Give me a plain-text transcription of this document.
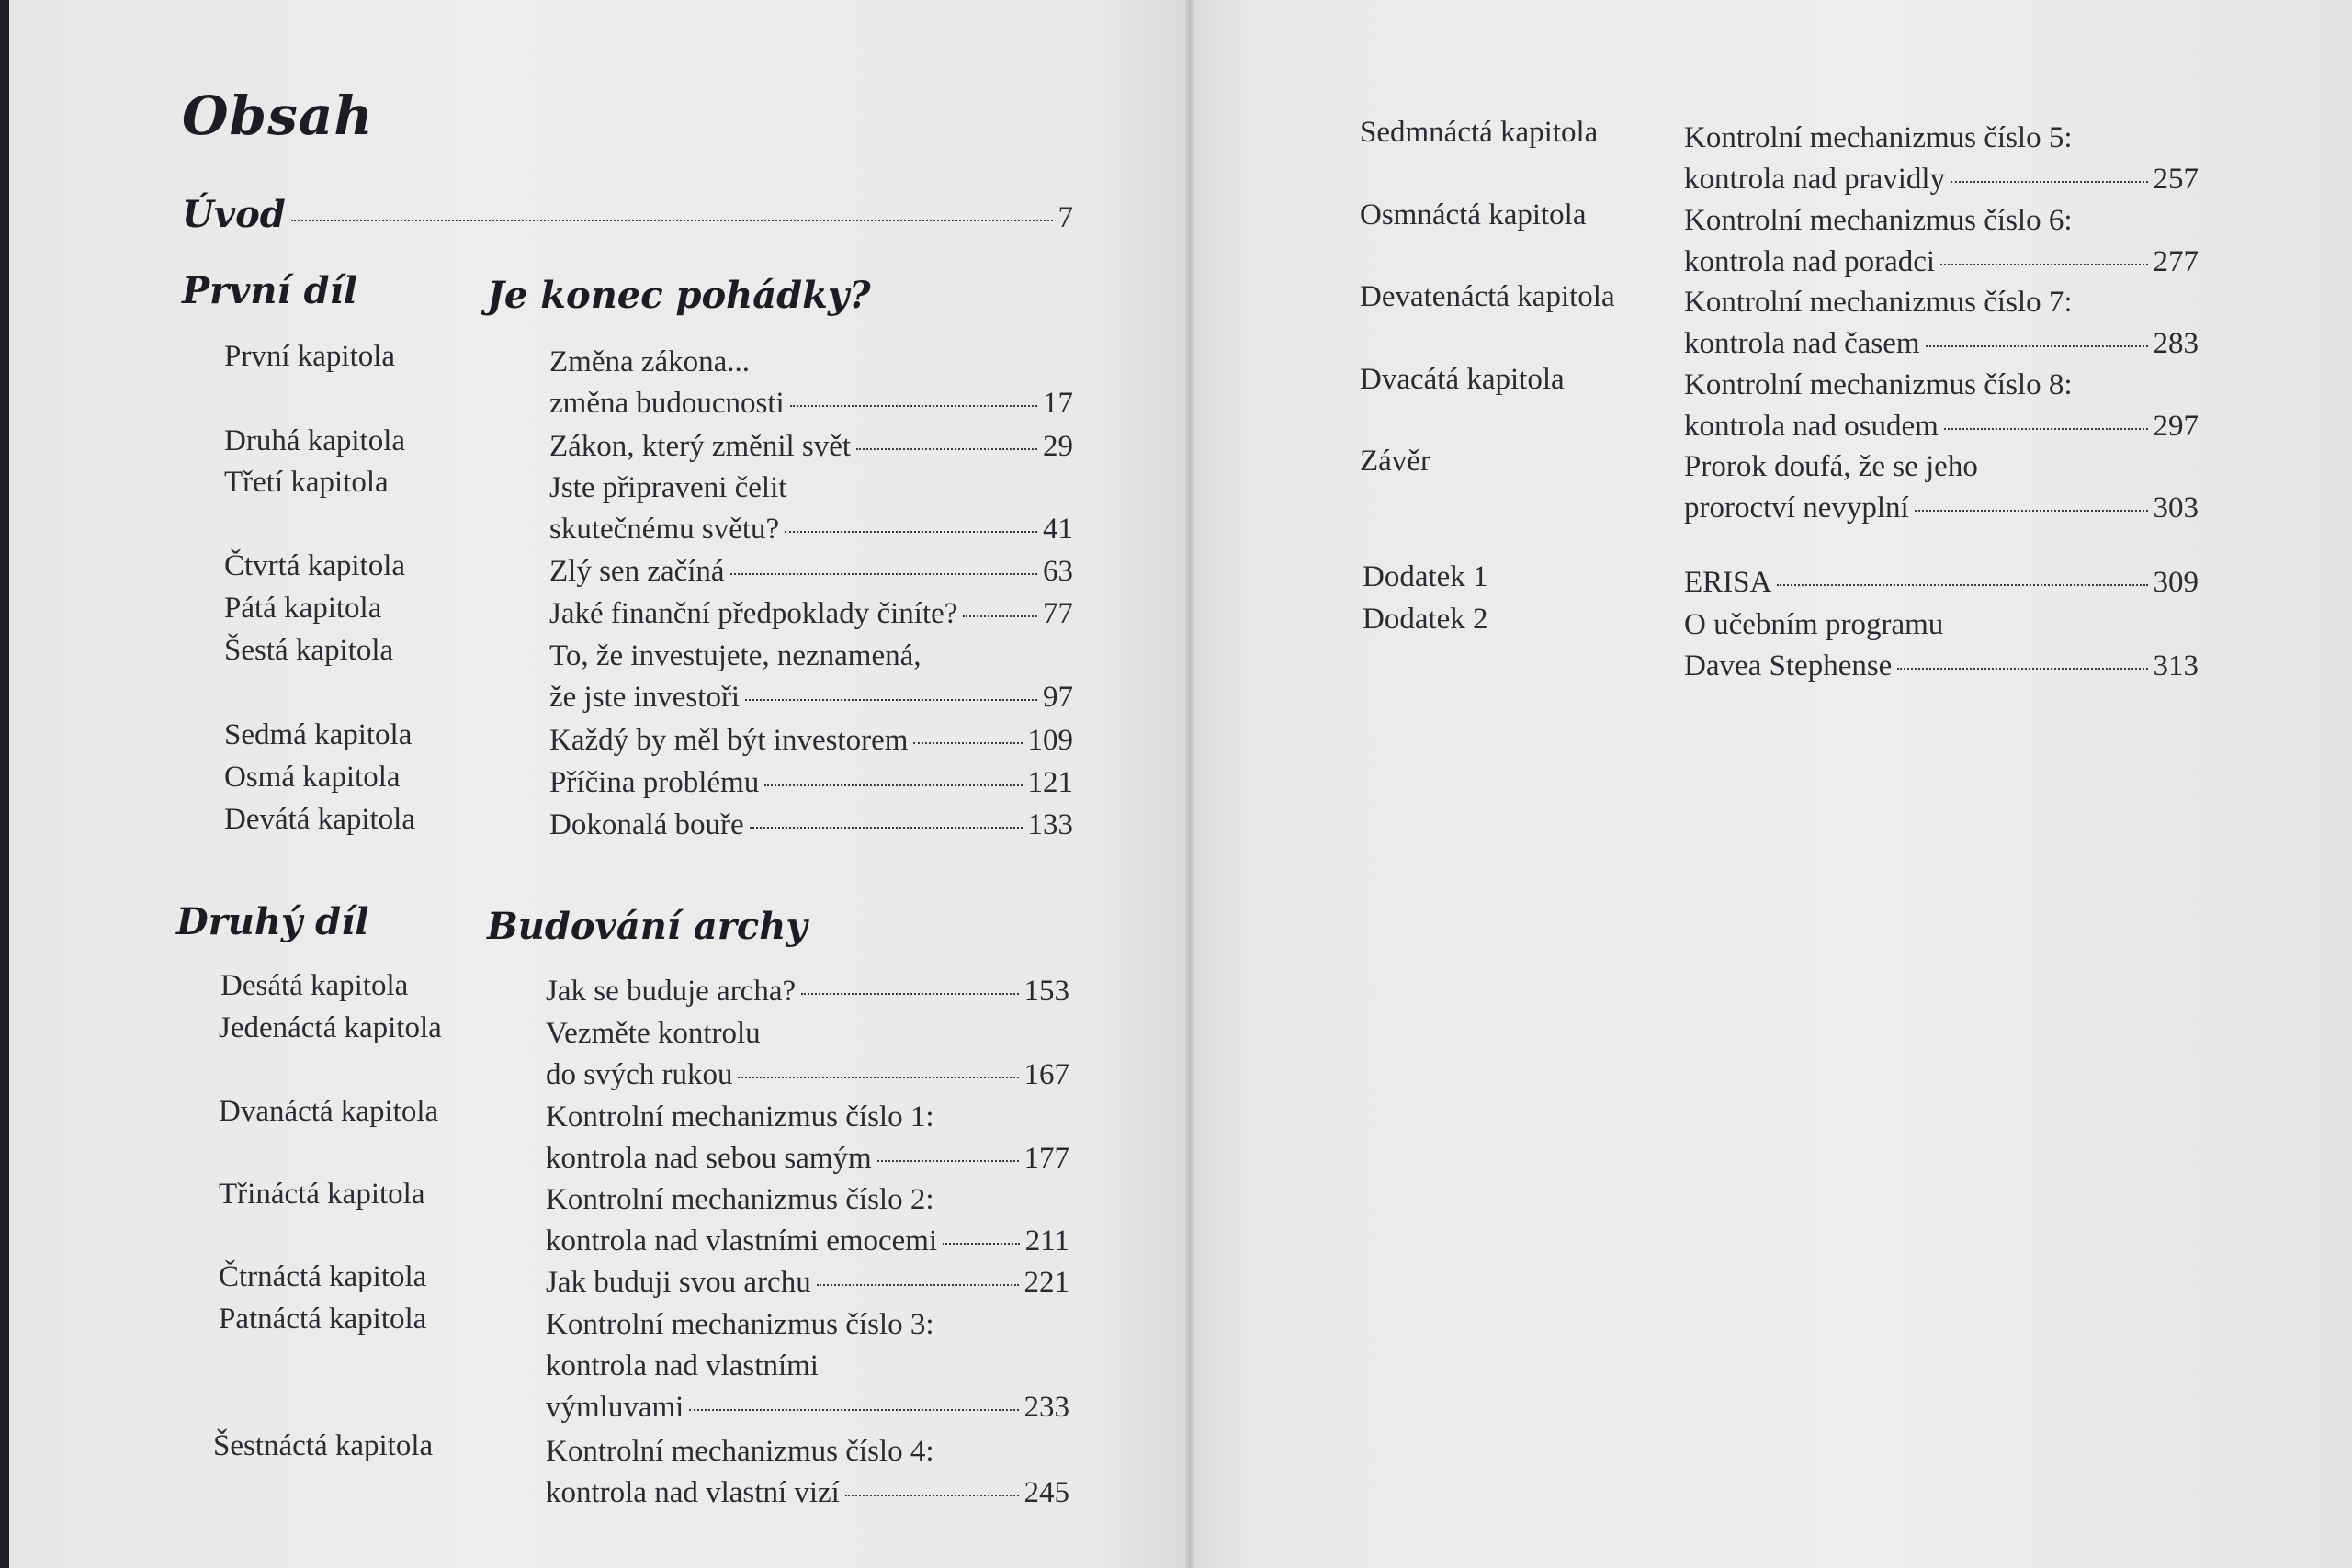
Obsah
Úvod	7
První díl	Je konec pohádky?
První kapitola	Změna zákona...
změna budoucnosti	17
Druhá kapitola	Zákon, který změnil svět	29
Třetí kapitola	Jste připraveni čelit
skutečnému světu?	41
Čtvrtá kapitola	Zlý sen začíná	63
Pátá kapitola	Jaké finanční předpoklady činíte?	77
Šestá kapitola	To, že investujete, neznamená,
že jste investoři	97
Sedmá kapitola	Každý by měl být investorem	109
Osmá kapitola	Příčina problému	121
Devátá kapitola	Dokonalá bouře	133
Druhý díl	Budování archy
Desátá kapitola	Jak se buduje archa?	153
Jedenáctá kapitola	Vezměte kontrolu
do svých rukou	167
Dvanáctá kapitola	Kontrolní mechanizmus číslo 1:
kontrola nad sebou samým	177
Třináctá kapitola	Kontrolní mechanizmus číslo 2:
kontrola nad vlastními emocemi	211
Čtrnáctá kapitola	Jak buduji svou archu	221
Patnáctá kapitola	Kontrolní mechanizmus číslo 3:
kontrola nad vlastními
výmluvami	233
Šestnáctá kapitola	Kontrolní mechanizmus číslo 4:
kontrola nad vlastní vizí	245
Sedmnáctá kapitola	Kontrolní mechanizmus číslo 5:
kontrola nad pravidly	257
Osmnáctá kapitola	Kontrolní mechanizmus číslo 6:
kontrola nad poradci	277
Devatenáctá kapitola Kontrolní mechanizmus číslo 7:
kontrola nad časem	283
Dvacátá kapitola	Kontrolní mechanizmus číslo 8:
kontrola nad osudem	297
Závěr	Prorok doufá, že se jeho
proroctví nevyplní	303
Dodatek 1	ERISA	309
Dodatek 2	O učebním programu
Davea Stephense	313
